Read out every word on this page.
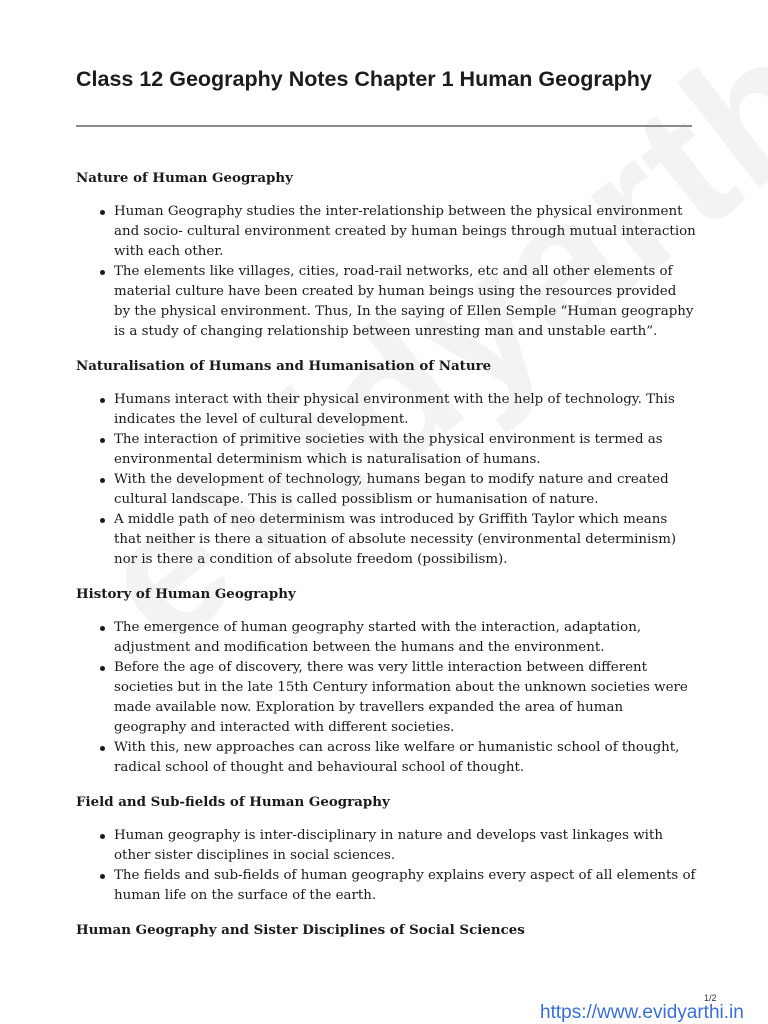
Class 12 Geography Notes Chapter 1 Human Geography
Nature of Human Geography
Human Geography studies the inter-relationship between the physical environment and socio- cultural environment created by human beings through mutual interaction with each other.
The elements like villages, cities, road-rail networks, etc and all other elements of material culture have been created by human beings using the resources provided by the physical environment. Thus, In the saying of Ellen Semple “Human geography is a study of changing relationship between unresting man and unstable earth”.
Naturalisation of Humans and Humanisation of Nature
Humans interact with their physical environment with the help of technology. This indicates the level of cultural development.
The interaction of primitive societies with the physical environment is termed as environmental determinism which is naturalisation of humans.
With the development of technology, humans began to modify nature and created cultural landscape. This is called possiblism or humanisation of nature.
A middle path of neo determinism was introduced by Griffith Taylor which means that neither is there a situation of absolute necessity (environmental determinism) nor is there a condition of absolute freedom (possibilism).
History of Human Geography
The emergence of human geography started with the interaction, adaptation, adjustment and modification between the humans and the environment.
Before the age of discovery, there was very little interaction between different societies but in the late 15th Century information about the unknown societies were made available now. Exploration by travellers expanded the area of human geography and interacted with different societies.
With this, new approaches can across like welfare or humanistic school of thought, radical school of thought and behavioural school of thought.
Field and Sub-fields of Human Geography
Human geography is inter-disciplinary in nature and develops vast linkages with other sister disciplines in social sciences.
The fields and sub-fields of human geography explains every aspect of all elements of human life on the surface of the earth.
Human Geography and Sister Disciplines of Social Sciences
1/2
https://www.evidyarthi.in
